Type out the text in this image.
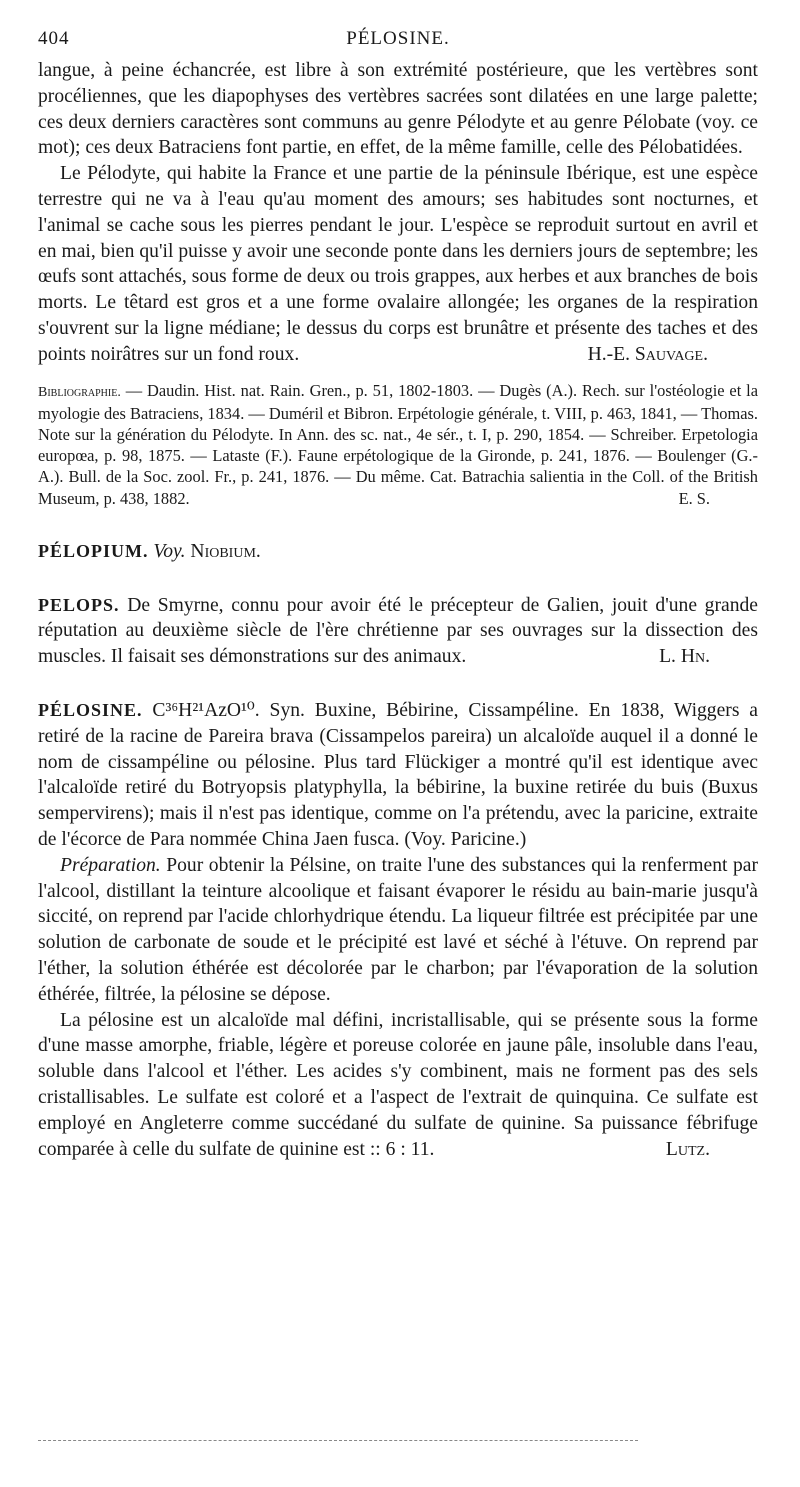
404	PÉLOSINE.

langue, à peine échancrée, est libre à son extrémité postérieure, que les vertèbres sont procéliennes, que les diapophyses des vertèbres sacrées sont dilatées en une large palette; ces deux derniers caractères sont communs au genre Pélodyte et au genre Pélobate (voy. ce mot); ces deux Batraciens font partie, en effet, de la même famille, celle des Pélobatidées.

Le Pélodyte, qui habite la France et une partie de la péninsule Ibérique, est une espèce terrestre qui ne va à l'eau qu'au moment des amours; ses habitudes sont nocturnes, et l'animal se cache sous les pierres pendant le jour. L'espèce se reproduit surtout en avril et en mai, bien qu'il puisse y avoir une seconde ponte dans les derniers jours de septembre; les œufs sont attachés, sous forme de deux ou trois grappes, aux herbes et aux branches de bois morts. Le têtard est gros et a une forme ovalaire allongée; les organes de la respiration s'ouvrent sur la ligne médiane; le dessus du corps est brunâtre et présente des taches et des points noirâtres sur un fond roux.	H.-E. Sauvage.
Bibliographie. — Daudin. Hist. nat. Rain. Gren., p. 51, 1802-1803. — Dugès (A.). Rech. sur l'ostéologie et la myologie des Batraciens, 1834. — Duméril et Bibron. Erpétologie générale, t. VIII, p. 463, 1841, — Thomas. Note sur la génération du Pélodyte. In Ann. des sc. nat., 4e sér., t. I, p. 290, 1854. — Schreiber. Erpetologia europœa, p. 98, 1875. — Lataste (F.). Faune erpétologique de la Gironde, p. 241, 1876. — Boulenger (G.-A.). Bull. de la Soc. zool. Fr., p. 241, 1876. — Du même. Cat. Batrachia salientia in the Coll. of the British Museum, p. 438, 1882.	E. S.
PÉLOPIUM. Voy. Niobium.
PELOPS. De Smyrne, connu pour avoir été le précepteur de Galien, jouit d'une grande réputation au deuxième siècle de l'ère chrétienne par ses ouvrages sur la dissection des muscles. Il faisait ses démonstrations sur des animaux.	L. Hn.
PÉLOSINE. C³⁶H²¹AzO¹⁰. Syn. Buxine, Bébirine, Cissampéline. En 1838, Wiggers a retiré de la racine de Pareira brava (Cissampelos pareira) un alcaloïde auquel il a donné le nom de cissampéline ou pélosine. Plus tard Flückiger a montré qu'il est identique avec l'alcaloïde retiré du Botryopsis platyphylla, la bébirine, la buxine retirée du buis (Buxus sempervirens); mais il n'est pas identique, comme on l'a prétendu, avec la paricine, extraite de l'écorce de Para nommée China Jaen fusca. (Voy. Paricine.)

Préparation. Pour obtenir la Pélsine, on traite l'une des substances qui la renferment par l'alcool, distillant la teinture alcoolique et faisant évaporer le résidu au bain-marie jusqu'à siccité, on reprend par l'acide chlorhydrique étendu. La liqueur filtrée est précipitée par une solution de carbonate de soude et le précipité est lavé et séché à l'étuve. On reprend par l'éther, la solution éthérée est décolorée par le charbon; par l'évaporation de la solution éthérée, filtrée, la pélosine se dépose.

La pélosine est un alcaloïde mal défini, incristallisable, qui se présente sous la forme d'une masse amorphe, friable, légère et poreuse colorée en jaune pâle, insoluble dans l'eau, soluble dans l'alcool et l'éther. Les acides s'y combinent, mais ne forment pas des sels cristallisables. Le sulfate est coloré et a l'aspect de l'extrait de quinquina. Ce sulfate est employé en Angleterre comme succédané du sulfate de quinine. Sa puissance fébrifuge comparée à celle du sulfate de quinine est :: 6 : 11.	Lutz.
